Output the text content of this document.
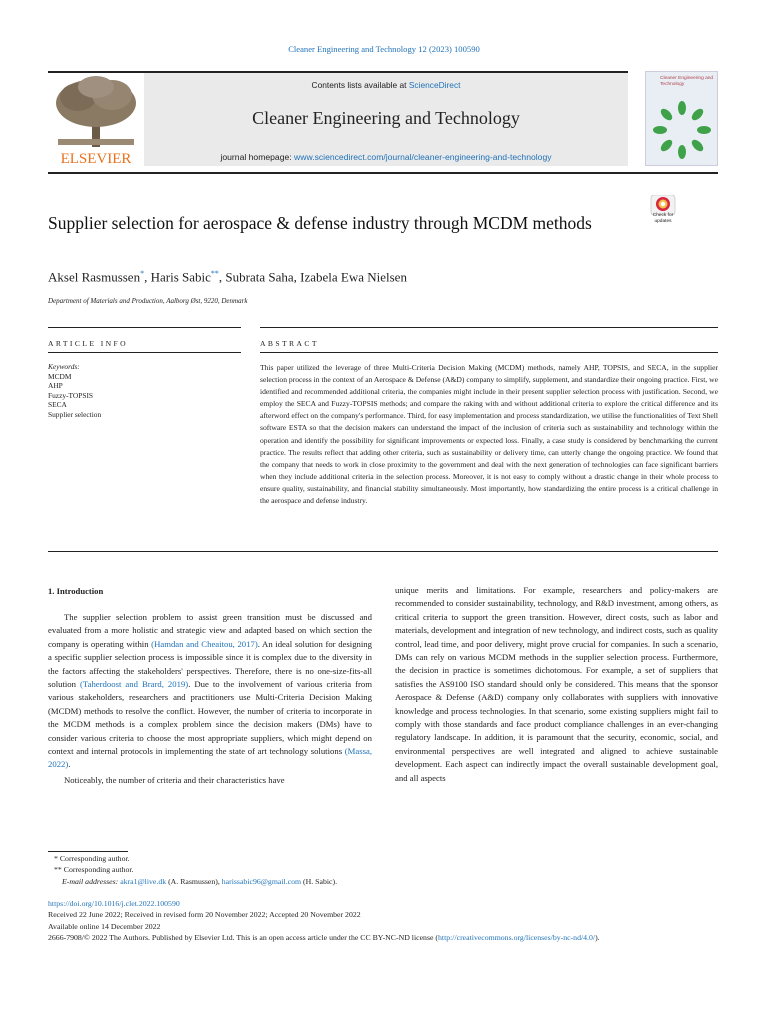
Cleaner Engineering and Technology 12 (2023) 100590
ELSEVIER
Contents lists available at ScienceDirect
Cleaner Engineering and Technology
journal homepage: www.sciencedirect.com/journal/cleaner-engineering-and-technology
Cleaner Engineering and Technology
Supplier selection for aerospace & defense industry through MCDM methods	Check for updates
Aksel Rasmussen*, Haris Sabic**, Subrata Saha, Izabela Ewa Nielsen
Department of Materials and Production, Aalborg Øst, 9220, Denmark
ARTICLE INFO	ABSTRACT
Keywords:
MCDM
AHP
Fuzzy-TOPSIS
SECA
Supplier selection
This paper utilized the leverage of three Multi-Criteria Decision Making (MCDM) methods, namely AHP, TOPSIS, and SECA, in the supplier selection process in the context of an Aerospace & Defense (A&D) company to simplify, supplement, and standardize their ongoing practice. First, we identified and recommended additional criteria, the companies might include in their present supplier selection process with justification. Second, we employ the SECA and Fuzzy-TOPSIS methods; and compare the raking with and without additional criteria to explore the critical difference and its afterword effect on the company's performance. Third, for easy implementation and process standardization, we utilise the functionalities of Text Shell software ESTA so that the decision makers can understand the impact of the inclusion of criteria such as sustainability and technology within the operation and identify the possibility for significant improvements or expected loss. Finally, a case study is considered by benchmarking the current practice. The results reflect that adding other criteria, such as sustainability or delivery time, can utterly change the ongoing practice. We found that the company that needs to work in close proximity to the government and deal with the next generation of technologies can face significant barriers when they include additional criteria in the selection process. Moreover, it is not easy to comply without a drastic change in their whole process to ensure quality, sustainability, and financial stability simultaneously. Most importantly, how standardizing the entire process is a critical challenge in the aerospace and defense industry.
1. Introduction

The supplier selection problem to assist green transition must be discussed and evaluated from a more holistic and strategic view and adapted based on which section the company is operating within (Hamdan and Cheaitou, 2017). An ideal solution for designing a specific supplier selection process is impossible since it is complex due to the diversity in the factors affecting the stakeholders' perspectives. Therefore, there is no one-size-fits-all solution (Taherdoost and Brard, 2019). Due to the involvement of various criteria from various stakeholders, researchers and practitioners use Multi-Criteria Decision Making (MCDM) methods to resolve the conflict. However, the number of criteria to incorporate in the MCDM methods is a complex problem since the decision makers (DMs) have to consider various criteria to choose the most appropriate suppliers, which might depend on context and internal protocols in implementing the state of art technology solutions (Massa, 2022).

Noticeably, the number of criteria and their characteristics have

unique merits and limitations. For example, researchers and policy-makers are recommended to consider sustainability, technology, and R&D investment, among others, as critical criteria to support the green transition. However, direct costs, such as labor and materials, development and integration of new technology, and indirect costs, such as quality control, lead time, and poor delivery, might prove crucial for companies. In such a scenario, DMs can rely on various MCDM methods in the supplier selection process. Furthermore, the decision in practice is sometimes dichotomous. For example, a set of suppliers that satisfies the AS9100 ISO standard should only be considered. This means that the sponsor Aerospace & Defense (A&D) company only collaborates with suppliers with innovative knowledge and process technologies. In that scenario, some existing suppliers might fail to comply with those standards and face product compliance challenges in an ever-changing regulatory landscape. In addition, it is paramount that the security, economic, social, and environmental perspectives are well integrated and aligned to achieve sustainable development. Each aspect can indirectly impact the overall sustainable development goal, and all aspects

* Corresponding author.
** Corresponding author.
E-mail addresses: akra1@live.dk (A. Rasmussen), harissabic96@gmail.com (H. Sabic).
https://doi.org/10.1016/j.clet.2022.100590
Received 22 June 2022; Received in revised form 20 November 2022; Accepted 20 November 2022
Available online 14 December 2022
2666-7908/© 2022 The Authors. Published by Elsevier Ltd. This is an open access article under the CC BY-NC-ND license (http://creativecommons.org/licenses/by-nc-nd/4.0/).
